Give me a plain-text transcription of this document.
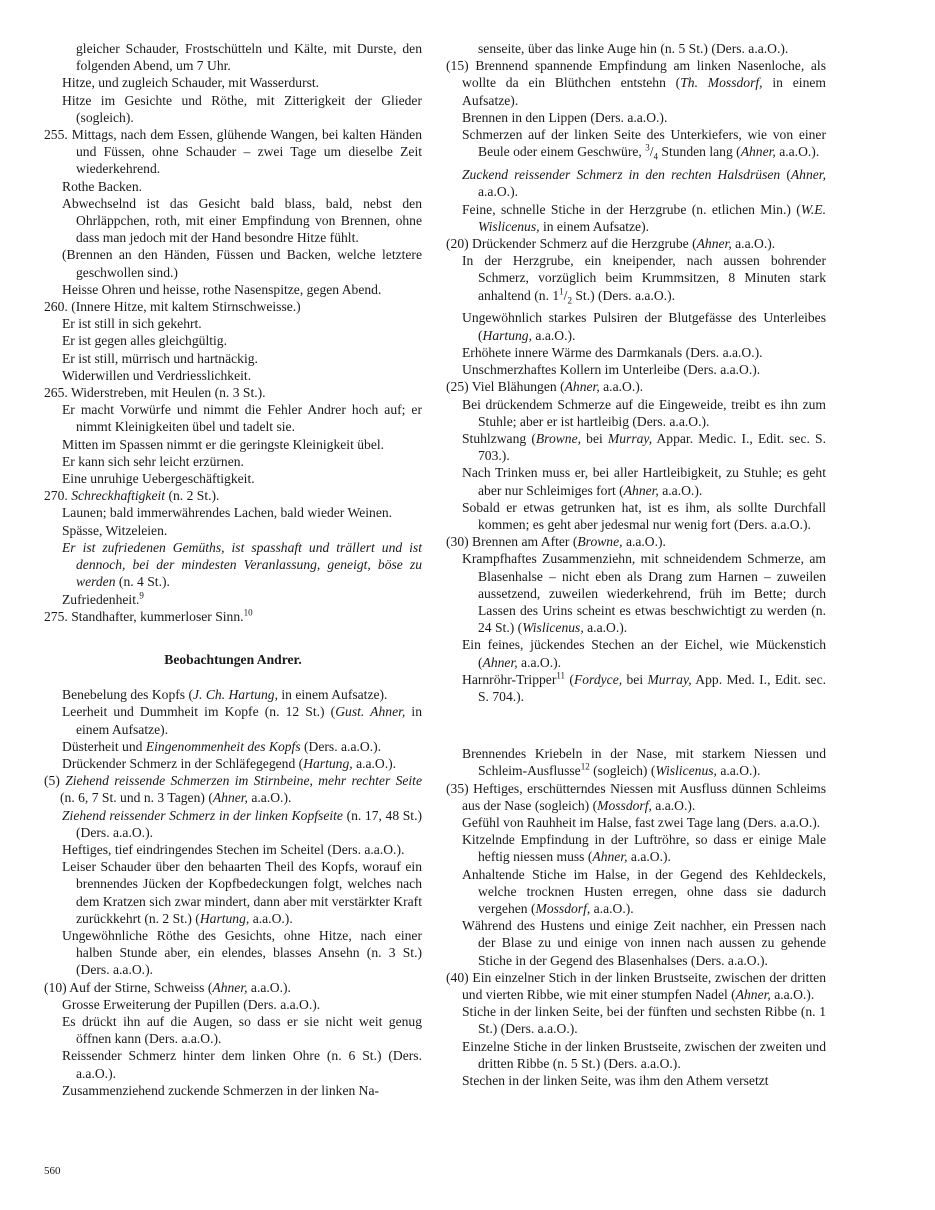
gleicher Schauder, Frostschütteln und Kälte, mit Durste, den folgenden Abend, um 7 Uhr.
Hitze, und zugleich Schauder, mit Wasserdurst.
Hitze im Gesichte und Röthe, mit Zitterigkeit der Glieder (sogleich).
255. Mittags, nach dem Essen, glühende Wangen, bei kalten Händen und Füssen, ohne Schauder – zwei Tage um dieselbe Zeit wiederkehrend.
Rothe Backen.
Abwechselnd ist das Gesicht bald blass, bald, nebst den Ohrläppchen, roth, mit einer Empfindung von Brennen, ohne dass man jedoch mit der Hand besondre Hitze fühlt.
(Brennen an den Händen, Füssen und Backen, welche letztere geschwollen sind.)
Heisse Ohren und heisse, rothe Nasenspitze, gegen Abend.
260. (Innere Hitze, mit kaltem Stirnschweisse.)
Er ist still in sich gekehrt.
Er ist gegen alles gleichgültig.
Er ist still, mürrisch und hartnäckig.
Widerwillen und Verdriesslichkeit.
265. Widerstreben, mit Heulen (n. 3 St.).
Er macht Vorwürfe und nimmt die Fehler Andrer hoch auf; er nimmt Kleinigkeiten übel und tadelt sie.
Mitten im Spassen nimmt er die geringste Kleinigkeit übel.
Er kann sich sehr leicht erzürnen.
Eine unruhige Uebergeschäftigkeit.
270. Schreckhaftigkeit (n. 2 St.).
Launen; bald immerwährendes Lachen, bald wieder Weinen.
Spässe, Witzeleien.
Er ist zufriedenen Gemüths, ist spasshaft und trällert und ist dennoch, bei der mindesten Veranlassung, geneigt, böse zu werden (n. 4 St.).
Zufriedenheit.$^9$
275. Standhafter, kummerloser Sinn.$^{10}$
Beobachtungen Andrer.
Benebelung des Kopfs (J. Ch. Hartung, in einem Aufsatze).
Leerheit und Dummheit im Kopfe (n. 12 St.) (Gust. Ahner, in einem Aufsatze).
Düsterheit und Eingenommenheit des Kopfs (Ders. a.a.O.).
Drückender Schmerz in der Schläfegegend (Hartung, a.a.O.).
(5) Ziehend reissende Schmerzen im Stirnbeine, mehr rechter Seite (n. 6, 7 St. und n. 3 Tagen) (Ahner, a.a.O.).
Ziehend reissender Schmerz in der linken Kopfseite (n. 17, 48 St.) (Ders. a.a.O.).
Heftiges, tief eindringendes Stechen im Scheitel (Ders. a.a.O.).
Leiser Schauder über den behaarten Theil des Kopfs, worauf ein brennendes Jücken der Kopfbedeckungen folgt, welches nach dem Kratzen sich zwar mindert, dann aber mit verstärkter Kraft zurückkehrt (n. 2 St.) (Hartung, a.a.O.).
Ungewöhnliche Röthe des Gesichts, ohne Hitze, nach einer halben Stunde aber, ein elendes, blasses Ansehn (n. 3 St.) (Ders. a.a.O.).
(10) Auf der Stirne, Schweiss (Ahner, a.a.O.).
Grosse Erweiterung der Pupillen (Ders. a.a.O.).
Es drückt ihn auf die Augen, so dass er sie nicht weit genug öffnen kann (Ders. a.a.O.).
Reissender Schmerz hinter dem linken Ohre (n. 6 St.) (Ders. a.a.O.).
Zusammenziehend zuckende Schmerzen in der linken Na-
senseite, über das linke Auge hin (n. 5 St.) (Ders. a.a.O.).
(15) Brennend spannende Empfindung am linken Nasenloche, als wollte da ein Blüthchen entstehn (Th. Mossdorf, in einem Aufsatze).
Brennen in den Lippen (Ders. a.a.O.).
Schmerzen auf der linken Seite des Unterkiefers, wie von einer Beule oder einem Geschwüre, $^3/_4$ Stunden lang (Ahner, a.a.O.).
Zuckend reissender Schmerz in den rechten Halsdrüsen (Ahner, a.a.O.).
Feine, schnelle Stiche in der Herzgrube (n. etlichen Min.) (W.E. Wislicenus, in einem Aufsatze).
(20) Drückender Schmerz auf die Herzgrube (Ahner, a.a.O.).
In der Herzgrube, ein kneipender, nach aussen bohrender Schmerz, vorzüglich beim Krummsitzen, 8 Minuten stark anhaltend (n. $1^1/_2$ St.) (Ders. a.a.O.).
Ungewöhnlich starkes Pulsiren der Blutgefässe des Unterleibes (Hartung, a.a.O.).
Erhöhete innere Wärme des Darmkanals (Ders. a.a.O.).
Unschmerzhaftes Kollern im Unterleibe (Ders. a.a.O.).
(25) Viel Blähungen (Ahner, a.a.O.).
Bei drückendem Schmerze auf die Eingeweide, treibt es ihn zum Stuhle; aber er ist hartleibig (Ders. a.a.O.).
Stuhlzwang (Browne, bei Murray, Appar. Medic. I., Edit. sec. S. 703.).
Nach Trinken muss er, bei aller Hartleibigkeit, zu Stuhle; es geht aber nur Schleimiges fort (Ahner, a.a.O.).
Sobald er etwas getrunken hat, ist es ihm, als sollte Durchfall kommen; es geht aber jedesmal nur wenig fort (Ders. a.a.O.).
(30) Brennen am After (Browne, a.a.O.).
Krampfhaftes Zusammenziehn, mit schneidendem Schmerze, am Blasenhalse – nicht eben als Drang zum Harnen – zuweilen aussetzend, zuweilen wiederkehrend, früh im Bette; durch Lassen des Urins scheint es etwas beschwichtigt zu werden (n. 24 St.) (Wislicenus, a.a.O.).
Ein feines, jückendes Stechen an der Eichel, wie Mückenstich (Ahner, a.a.O.).
Harnröhr-Tripper$^{11}$ (Fordyce, bei Murray, App. Med. I., Edit. sec. S. 704.).
Brennendes Kriebeln in der Nase, mit starkem Niessen und Schleim-Ausflusse$^{12}$ (sogleich) (Wislicenus, a.a.O.).
(35) Heftiges, erschütterndes Niessen mit Ausfluss dünnen Schleims aus der Nase (sogleich) (Mossdorf, a.a.O.).
Gefühl von Rauhheit im Halse, fast zwei Tage lang (Ders. a.a.O.).
Kitzelnde Empfindung in der Luftröhre, so dass er einige Male heftig niessen muss (Ahner, a.a.O.).
Anhaltende Stiche im Halse, in der Gegend des Kehldeckels, welche trocknen Husten erregen, ohne dass sie dadurch vergehen (Mossdorf, a.a.O.).
Während des Hustens und einige Zeit nachher, ein Pressen nach der Blase zu und einige von innen nach aussen zu gehende Stiche in der Gegend des Blasenhalses (Ders. a.a.O.).
(40) Ein einzelner Stich in der linken Brustseite, zwischen der dritten und vierten Ribbe, wie mit einer stumpfen Nadel (Ahner, a.a.O.).
Stiche in der linken Seite, bei der fünften und sechsten Ribbe (n. 1 St.) (Ders. a.a.O.).
Einzelne Stiche in der linken Brustseite, zwischen der zweiten und dritten Ribbe (n. 5 St.) (Ders. a.a.O.).
Stechen in der linken Seite, was ihm den Athem versetzt
560
